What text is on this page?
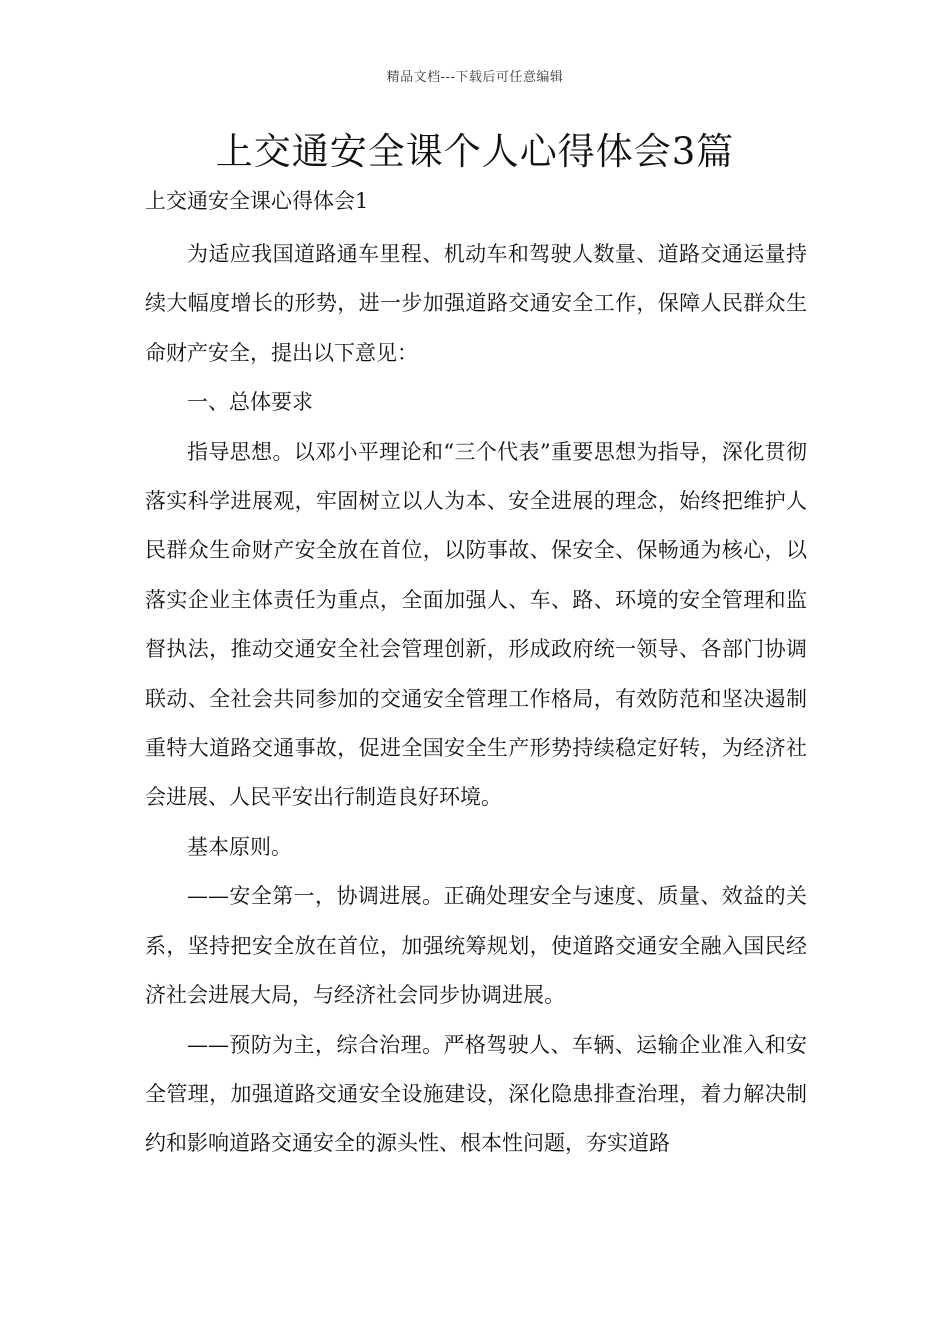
精品文档---下载后可任意编辑
上交通安全课个人心得体会3篇
上交通安全课心得体会1

为适应我国道路通车里程、机动车和驾驶人数量、道路交通运量持续大幅度增长的形势，进一步加强道路交通安全工作，保障人民群众生命财产安全，提出以下意见：

一、总体要求

指导思想。以邓小平理论和“三个代表”重要思想为指导，深化贯彻落实科学进展观，牢固树立以人为本、安全进展的理念，始终把维护人民群众生命财产安全放在首位，以防事故、保安全、保畅通为核心，以落实企业主体责任为重点，全面加强人、车、路、环境的安全管理和监督执法，推动交通安全社会管理创新，形成政府统一领导、各部门协调联动、全社会共同参加的交通安全管理工作格局，有效防范和坚决遏制重特大道路交通事故，促进全国安全生产形势持续稳定好转，为经济社会进展、人民平安出行制造良好环境。

基本原则。

——安全第一，协调进展。正确处理安全与速度、质量、效益的关系，坚持把安全放在首位，加强统筹规划，使道路交通安全融入国民经济社会进展大局，与经济社会同步协调进展。

——预防为主，综合治理。严格驾驶人、车辆、运输企业准入和安全管理，加强道路交通安全设施建设，深化隐患排查治理，着力解决制约和影响道路交通安全的源头性、根本性问题，夯实道路
